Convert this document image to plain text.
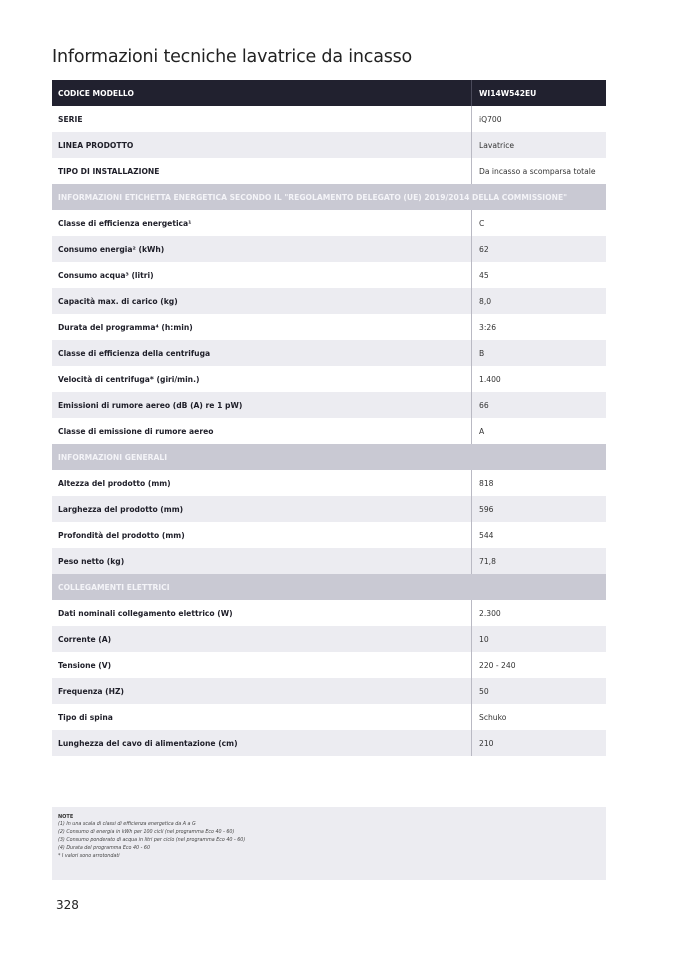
Informazioni tecniche lavatrice da incasso
CODICE MODELLO	WI14W542EU
SERIE	iQ700
LINEA PRODOTTO	Lavatrice
TIPO DI INSTALLAZIONE	Da incasso a scomparsa totale
INFORMAZIONI ETICHETTA ENERGETICA SECONDO IL "REGOLAMENTO DELEGATO (UE) 2019/2014 DELLA COMMISSIONE"
Classe di efficienza energetica¹	C
Consumo energia² (kWh)	62
Consumo acqua³ (litri)	45
Capacità max. di carico (kg)	8,0
Durata del programma⁴ (h:min)	3:26
Classe di efficienza della centrifuga	B
Velocità di centrifuga* (giri/min.)	1.400
Emissioni di rumore aereo (dB (A) re 1 pW)	66
Classe di emissione di rumore aereo	A
INFORMAZIONI GENERALI
Altezza del prodotto (mm)	818
Larghezza del prodotto (mm)	596
Profondità del prodotto (mm)	544
Peso netto (kg)	71,8
COLLEGAMENTI ELETTRICI
Dati nominali collegamento elettrico (W)	2.300
Corrente (A)	10
Tensione (V)	220 - 240
Frequenza (HZ)	50
Tipo di spina	Schuko
Lunghezza del cavo di alimentazione (cm)	210
NOTE
(1) In una scala di classi di efficienza energetica da A a G
(2) Consumo di energia in kWh per 100 cicli (nel programma Eco 40 - 60)
(3) Consumo ponderato di acqua in litri per ciclo (nel programma Eco 40 - 60)
(4) Durata del programma Eco 40 - 60
* I valori sono arrotondati
328
